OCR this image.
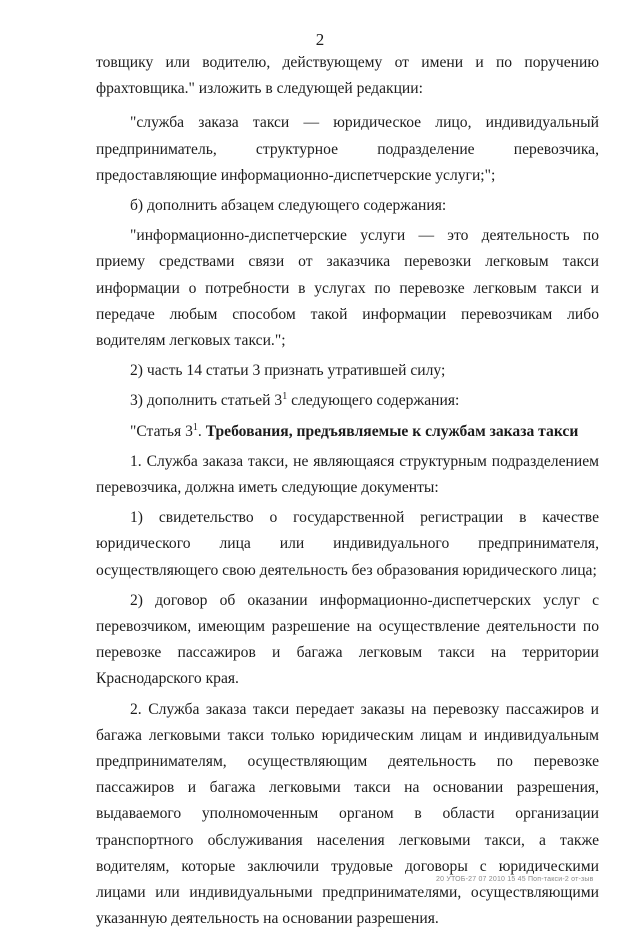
2

товщику или водителю, действующему от имени и по поручению фрахтовщика." изложить в следующей редакции:

"служба заказа такси — юридическое лицо, индивидуальный предприниматель, структурное подразделение перевозчика, предоставляющие информационно-диспетчерские услуги;";

б) дополнить абзацем следующего содержания:

"информационно-диспетчерские услуги — это деятельность по приему средствами связи от заказчика перевозки легковым такси информации о потребности в услугах по перевозке легковым такси и передаче любым способом такой информации перевозчикам либо водителям легковых такси.";

2) часть 14 статьи 3 признать утратившей силу;

3) дополнить статьей $3^1$ следующего содержания:

"Статья $3^1$. Требования, предъявляемые к службам заказа такси

1. Служба заказа такси, не являющаяся структурным подразделением перевозчика, должна иметь следующие документы:

1) свидетельство о государственной регистрации в качестве юридического лица или индивидуального предпринимателя, осуществляющего свою деятельность без образования юридического лица;

2) договор об оказании информационно-диспетчерских услуг с перевозчиком, имеющим разрешение на осуществление деятельности по перевозке пассажиров и багажа легковым такси на территории Краснодарского края.

2. Служба заказа такси передает заказы на перевозку пассажиров и багажа легковыми такси только юридическим лицам и индивидуальным предпринимателям, осуществляющим деятельность по перевозке пассажиров и багажа легковыми такси на основании разрешения, выдаваемого уполномоченным органом в области организации транспортного обслуживания населения легковыми такси, а также водителям, которые заключили трудовые договоры с юридическими лицами или индивидуальными предпринимателями, осуществляющими указанную деятельность на основании разрешения.

20 УТОБ-27 07 2010 15 45 Поп-такси-2 от-зыв
